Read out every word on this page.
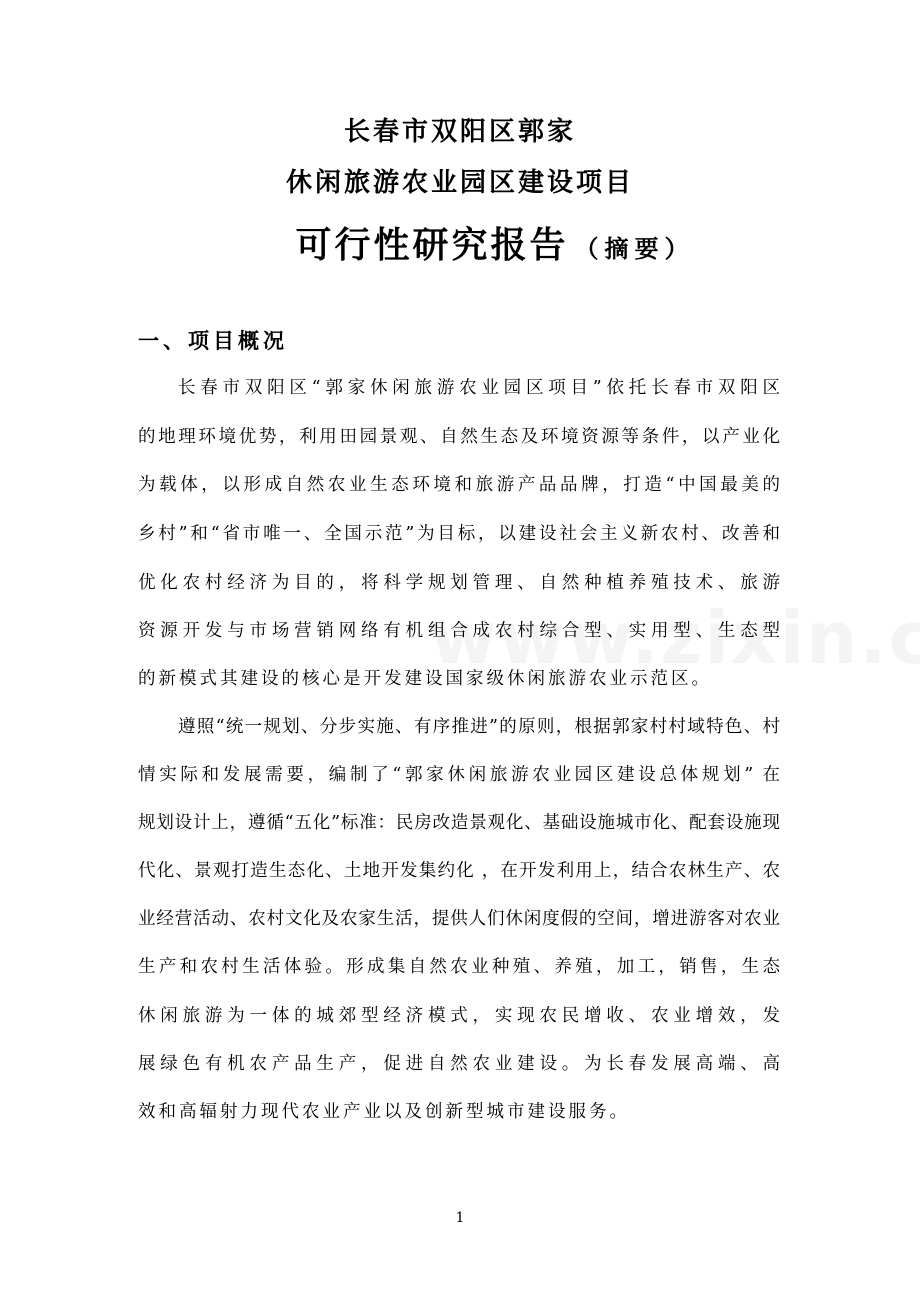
长春市双阳区郭家
休闲旅游农业园区建设项目
可行性研究报告 （摘要）
一、项目概况
长春市双阳区“郭家休闲旅游农业园区项目”依托长春市双阳区
的地理环境优势，利用田园景观、自然生态及环境资源等条件，以产业化
为载体，以形成自然农业生态环境和旅游产品品牌，打造“中国最美的
乡村”和“省市唯一、全国示范”为目标，以建设社会主义新农村、改善和
优化农村经济为目的，将科学规划管理、自然种植养殖技术、旅游
资源开发与市场营销网络有机组合成农村综合型、实用型、生态型
的新模式其建设的核心是开发建设国家级休闲旅游农业示范区。
遵照“统一规划、分步实施、有序推进”的原则，根据郭家村村域特色、村
情实际和发展需要，编制了“郭家休闲旅游农业园区建设总体规划” 在
规划设计上，遵循“五化”标准：民房改造景观化、基础设施城市化、配套设施现
代化、景观打造生态化、土地开发集约化 ，在开发利用上，结合农林生产、农
业经营活动、农村文化及农家生活，提供人们休闲度假的空间，增进游客对农业
生产和农村生活体验。形成集自然农业种殖、养殖，加工，销售，生态
休闲旅游为一体的城郊型经济模式，实现农民增收、农业增效，发
展绿色有机农产品生产，促进自然农业建设。为长春发展高端、高
效和高辐射力现代农业产业以及创新型城市建设服务。
1
